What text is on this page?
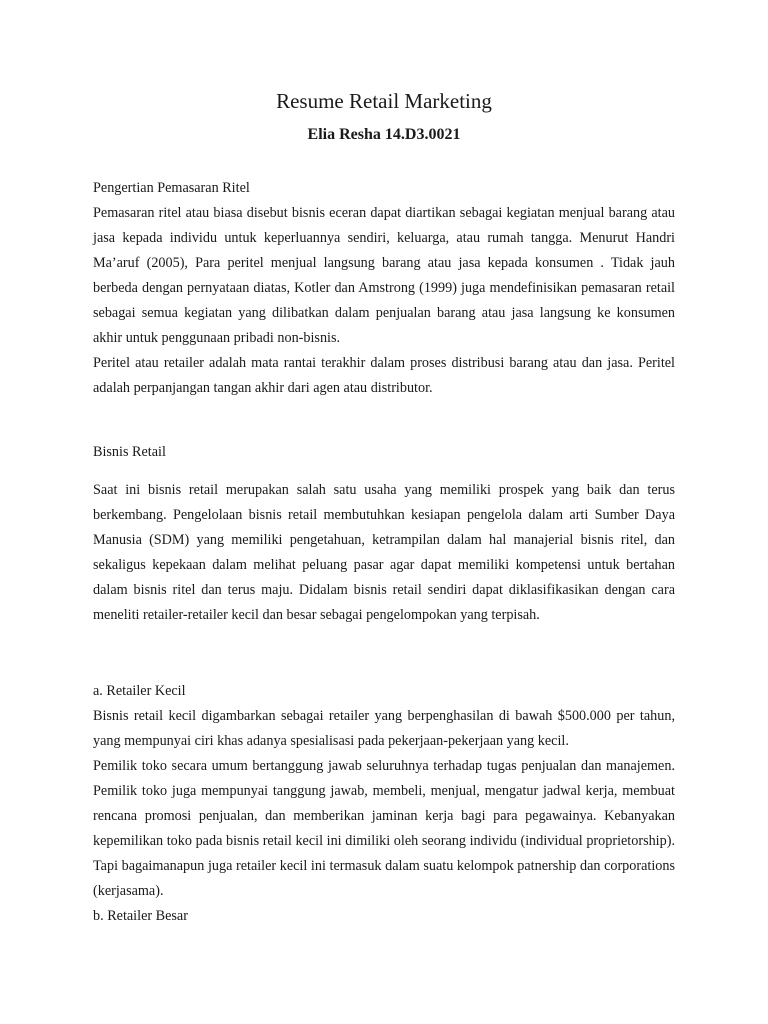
Resume Retail Marketing
Elia Resha 14.D3.0021

Pengertian Pemasaran Ritel

Pemasaran ritel atau biasa disebut bisnis eceran dapat diartikan sebagai kegiatan menjual barang atau jasa kepada individu untuk keperluannya sendiri, keluarga, atau rumah tangga. Menurut Handri Ma’aruf (2005), Para peritel menjual langsung barang atau jasa kepada konsumen . Tidak jauh berbeda dengan pernyataan diatas, Kotler dan Amstrong (1999) juga mendefinisikan pemasaran retail sebagai semua kegiatan yang dilibatkan dalam penjualan barang atau jasa langsung ke konsumen akhir untuk penggunaan pribadi non-bisnis.

Peritel atau retailer adalah mata rantai terakhir dalam proses distribusi barang atau dan jasa. Peritel adalah perpanjangan tangan akhir dari agen atau distributor.

Bisnis Retail

Saat ini bisnis retail merupakan salah satu usaha yang memiliki prospek yang baik dan terus berkembang. Pengelolaan bisnis retail membutuhkan kesiapan pengelola dalam arti Sumber Daya Manusia (SDM) yang memiliki pengetahuan, ketrampilan dalam hal manajerial bisnis ritel, dan sekaligus kepekaan dalam melihat peluang pasar agar dapat memiliki kompetensi untuk bertahan dalam bisnis ritel dan terus maju. Didalam bisnis retail sendiri dapat diklasifikasikan dengan cara meneliti retailer-retailer kecil dan besar sebagai pengelompokan yang terpisah.

a. Retailer Kecil

Bisnis retail kecil digambarkan sebagai retailer yang berpenghasilan di bawah $500.000 per tahun, yang mempunyai ciri khas adanya spesialisasi pada pekerjaan-pekerjaan yang kecil.

Pemilik toko secara umum bertanggung jawab seluruhnya terhadap tugas penjualan dan manajemen. Pemilik toko juga mempunyai tanggung jawab, membeli, menjual, mengatur jadwal kerja, membuat rencana promosi penjualan, dan memberikan jaminan kerja bagi para pegawainya. Kebanyakan kepemilikan toko pada bisnis retail kecil ini dimiliki oleh seorang individu (individual proprietorship). Tapi bagaimanapun juga retailer kecil ini termasuk dalam suatu kelompok patnership dan corporations (kerjasama).

b. Retailer Besar
